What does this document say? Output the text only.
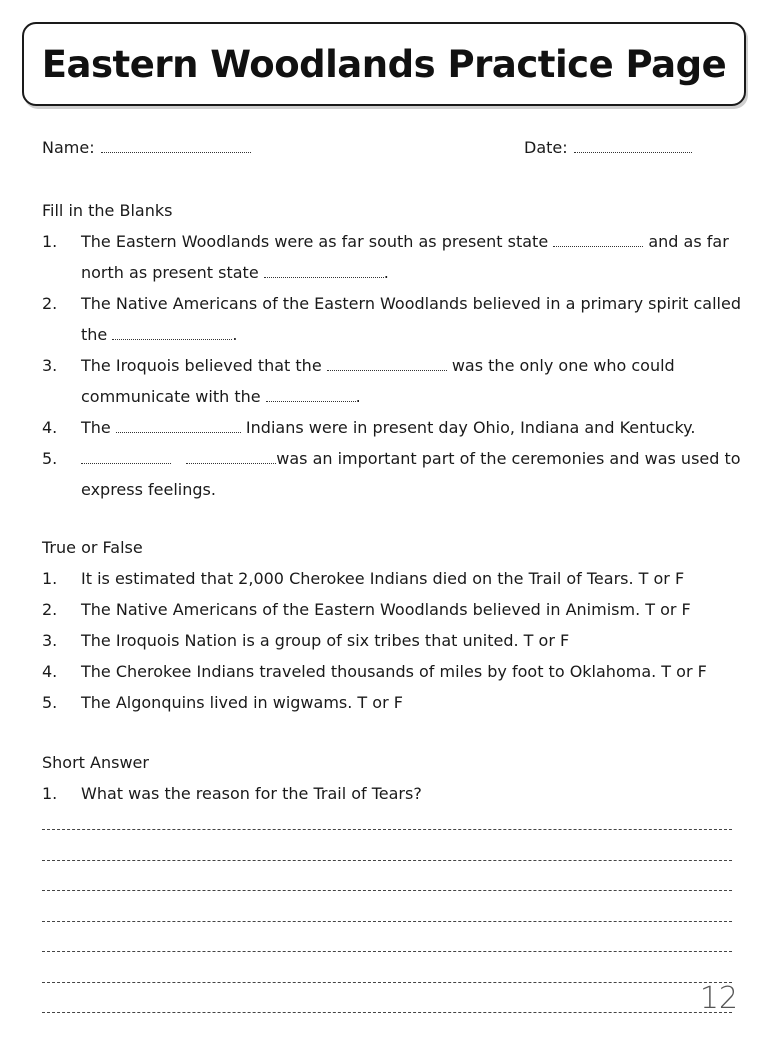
Eastern Woodlands Practice Page
Name:	Date:
Fill in the Blanks
1.	The Eastern Woodlands were as far south as present state	and as far north as present state	.
2.	The Native Americans of the Eastern Woodlands believed in a primary spirit called the	.
3.	The Iroquois believed that the	was the only one who could communicate with the	.
4.	The	Indians were in present day Ohio, Indiana and Kentucky.
5.	was an important part of the ceremonies and was used to express feelings.
True or False
1.	It is estimated that 2,000 Cherokee Indians died on the Trail of Tears. T or F
2.	The Native Americans of the Eastern Woodlands believed in Animism. T or F
3.	The Iroquois Nation is a group of six tribes that united. T or F
4.	The Cherokee Indians traveled thousands of miles by foot to Oklahoma. T or F
5.	The Algonquins lived in wigwams. T or F
Short Answer
1.	What was the reason for the Trail of Tears?
12
